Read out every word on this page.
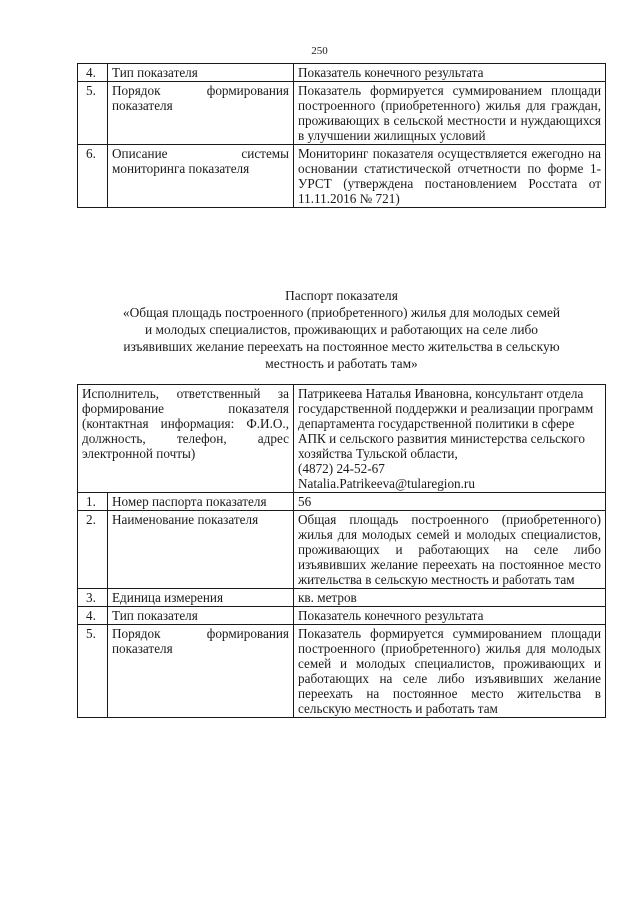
250
4.	Тип показателя	Показатель конечного результата
5.	Порядок формирования показателя	Показатель формируется суммированием площади построенного (приобретенного) жилья для граждан, проживающих в сельской местности и нуждающихся в улучшении жилищных условий
6.	Описание системы мониторинга показателя	Мониторинг показателя осуществляется ежегодно на основании статистической отчетности по форме 1-УРСТ (утверждена постановлением Росстата от 11.11.2016 № 721)
Паспорт показателя
«Общая площадь построенного (приобретенного) жилья для молодых семей
и молодых специалистов, проживающих и работающих на селе либо
изъявивших желание переехать на постоянное место жительства в сельскую
местность и работать там»
Исполнитель, ответственный за формирование показателя (контактная информация: Ф.И.О., должность, телефон, адрес электронной почты)		Патрикеева Наталья Ивановна, консультант отдела государственной поддержки и реализации программ департамента государственной политики в сфере АПК и сельского развития министерства сельского хозяйства Тульской области,
(4872) 24-52-67
Natalia.Patrikeeva@tularegion.ru

1.	Номер паспорта показателя	56
2.	Наименование показателя	Общая площадь построенного (приобретенного) жилья для молодых семей и молодых специалистов, проживающих и работающих на селе либо изъявивших желание переехать на постоянное место жительства в сельскую местность и работать там
3.	Единица измерения	кв. метров
4.	Тип показателя	Показатель конечного результата
5.	Порядок формирования показателя	Показатель формируется суммированием площади построенного (приобретенного) жилья для молодых семей и молодых специалистов, проживающих и работающих на селе либо изъявивших желание переехать на постоянное место жительства в сельскую местность и работать там
